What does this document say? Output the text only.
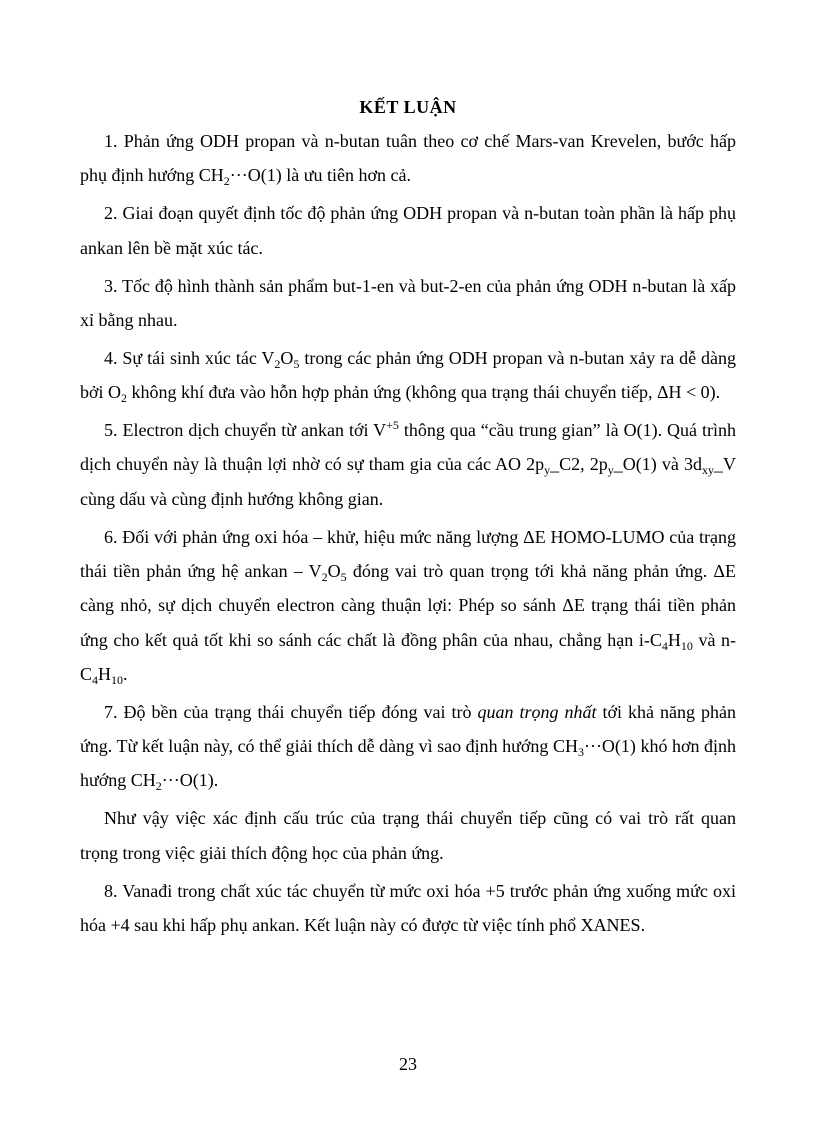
KẾT LUẬN

1. Phản ứng ODH propan và n-butan tuân theo cơ chế Mars-van Krevelen, bước hấp phụ định hướng $CH_2\cdot\cdot\cdot O(1)$ là ưu tiên hơn cả.

2. Giai đoạn quyết định tốc độ phản ứng ODH propan và n-butan toàn phần là hấp phụ ankan lên bề mặt xúc tác.

3. Tốc độ hình thành sản phẩm but-1-en và but-2-en của phản ứng ODH n-butan là xấp xỉ bằng nhau.

4. Sự tái sinh xúc tác $V_2O_5$ trong các phản ứng ODH propan và n-butan xảy ra dễ dàng bởi $O_2$ không khí đưa vào hỗn hợp phản ứng (không qua trạng thái chuyển tiếp, ΔH < 0).

5. Electron dịch chuyển từ ankan tới $V^{+5}$ thông qua “cầu trung gian” là O(1). Quá trình dịch chuyển này là thuận lợi nhờ có sự tham gia của các AO $2p_y\_C2$, $2p_y\_O(1)$ và $3d_{xy}\_V$ cùng dấu và cùng định hướng không gian.

6. Đối với phản ứng oxi hóa – khử, hiệu mức năng lượng ΔE HOMO-LUMO của trạng thái tiền phản ứng hệ ankan – $V_2O_5$ đóng vai trò quan trọng tới khả năng phản ứng. ΔE càng nhỏ, sự dịch chuyển electron càng thuận lợi: Phép so sánh ΔE trạng thái tiền phản ứng cho kết quả tốt khi so sánh các chất là đồng phân của nhau, chẳng hạn $i-C_4H_{10}$ và $n-C_4H_{10}$.

7. Độ bền của trạng thái chuyển tiếp đóng vai trò quan trọng nhất tới khả năng phản ứng. Từ kết luận này, có thể giải thích dễ dàng vì sao định hướng $CH_3\cdot\cdot\cdot O(1)$ khó hơn định hướng $CH_2\cdot\cdot\cdot O(1)$.

Như vậy việc xác định cấu trúc của trạng thái chuyển tiếp cũng có vai trò rất quan trọng trong việc giải thích động học của phản ứng.

8. Vanađi trong chất xúc tác chuyển từ mức oxi hóa +5 trước phản ứng xuống mức oxi hóa +4 sau khi hấp phụ ankan. Kết luận này có được từ việc tính phổ XANES.

23
